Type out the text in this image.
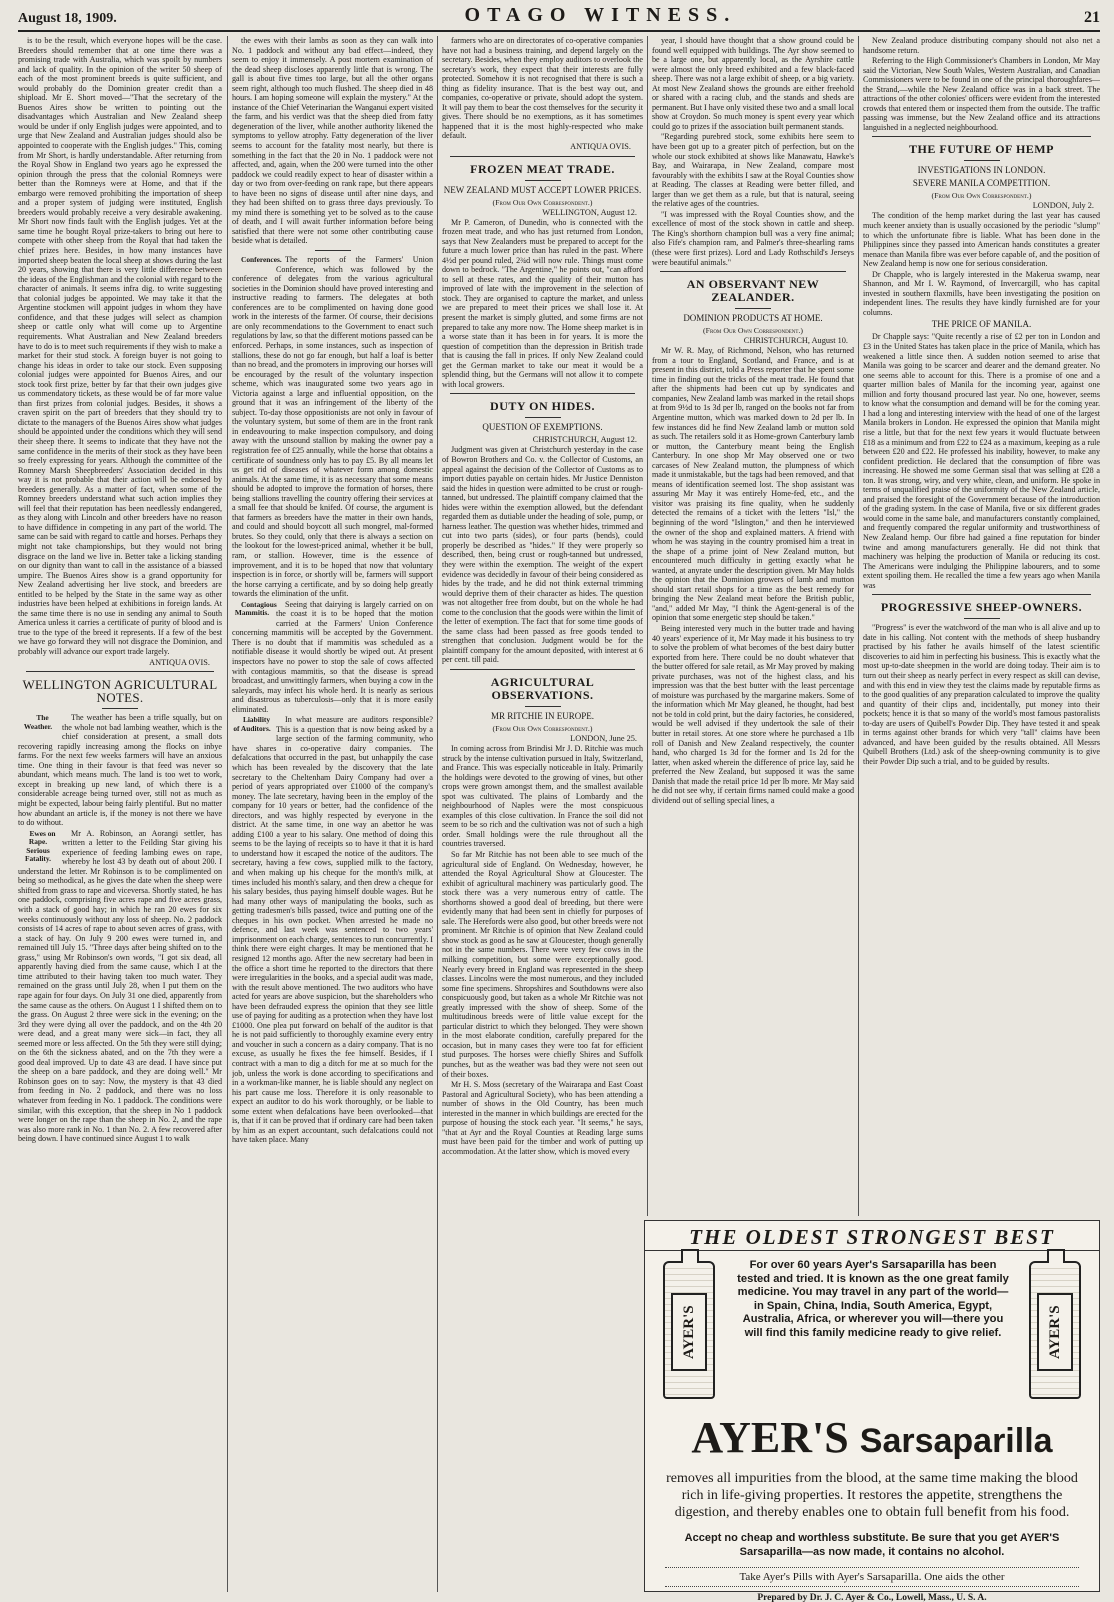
August 18, 1909.	OTAGO WITNESS.	21

is to be the result, which everyone hopes will be the case. Breeders should remember that at one time there was a promising trade with Australia, which was spoilt by numbers and lack of quality. In the opinion of the writer 50 sheep of each of the most prominent breeds is quite sufficient, and would probably do the Dominion greater credit than a shipload. Mr E. Short moved—"That the secretary of the Buenos Aires show be written to pointing out the disadvantages which Australian and New Zealand sheep would be under if only English judges were appointed, and to urge that New Zealand and Australian judges should also be appointed to cooperate with the English judges." This, coming from Mr Short, is hardly understandable. After returning from the Royal Show in England two years ago he expressed the opinion through the press that the colonial Romneys were better than the Romneys were at Home, and that if the embargo were removed prohibiting the importation of sheep and a proper system of judging were instituted, English breeders would probably receive a very desirable awakening. Mr Short now finds fault with the English judges. Yet at the same time he bought Royal prize-takers to bring out here to compete with other sheep from the Royal that had taken the chief prizes here. Besides, in how many instances have imported sheep beaten the local sheep at shows during the last 20 years, showing that there is very little difference between the ideas of the Englishman and the colonial with regard to the character of animals. It seems infra dig. to write suggesting that colonial judges be appointed. We may take it that the Argentine stockmen will appoint judges in whom they have confidence, and that these judges will select as champion sheep or cattle only what will come up to Argentine requirements. What Australian and New Zealand breeders have to do is to meet such requirements if they wish to make a market for their stud stock. A foreign buyer is not going to change his ideas in order to take our stock. Even supposing colonial judges were appointed for Buenos Aires, and our stock took first prize, better by far that their own judges give us commendatory tickets, as these would be of far more value than first prizes from colonial judges. Besides, it shows a craven spirit on the part of breeders that they should try to dictate to the managers of the Buenos Aires show what judges should be appointed under the conditions which they will send their sheep there. It seems to indicate that they have not the same confidence in the merits of their stock as they have been so freely expressing for years. Although the committee of the Romney Marsh Sheepbreeders' Association decided in this way it is not probable that their action will be endorsed by breeders generally. As a matter of fact, when some of the Romney breeders understand what such action implies they will feel that their reputation has been needlessly endangered, as they along with Lincoln and other breeders have no reason to have diffidence in competing in any part of the world. The same can be said with regard to cattle and horses. Perhaps they might not take championships, but they would not bring disgrace on the land we live in. Better take a licking standing on our dignity than want to call in the assistance of a biassed umpire. The Buenos Aires show is a grand opportunity for New Zealand advertising her live stock, and breeders are entitled to be helped by the State in the same way as other industries have been helped at exhibitions in foreign lands. At the same time there is no use in sending any animal to South America unless it carries a certificate of purity of blood and is true to the type of the breed it represents. If a few of the best we have go forward they will not disgrace the Dominion, and probably will advance our export trade largely.

ANTIQUA OVIS.
WELLINGTON AGRICULTURAL NOTES.

The Weather.
The weather has been a trifle squally, but on the whole not bad lambing weather, which is the chief consideration at present, a small dots recovering rapidly increasing among the flocks on inbye farms. For the next few weeks farmers will have an anxious time. One thing in their favour is that feed was never so abundant, which means much. The land is too wet to work, except in breaking up new land, of which there is a considerable acreage being turned over, still not as much as might be expected, labour being fairly plentiful. But no matter how abundant an article is, if the money is not there we have to do without.

Ewes on Rape. Serious Fatality.
Mr A. Robinson, an Aorangi settler, has written a letter to the Feilding Star giving his experience of feeding lambing ewes on rape, whereby he lost 43 by death out of about 200. I understand the letter. Mr Robinson is to be complimented on being so methodical, as he gives the date when the sheep were shifted from grass to rape and viceversa. Shortly stated, he has one paddock, comprising five acres rape and five acres grass, with a stack of good hay; in which he ran 20 ewes for six weeks continuously without any loss of sheep. No. 2 paddock consists of 14 acres of rape to about seven acres of grass, with a stack of hay. On July 9 200 ewes were turned in, and remained till July 15. "Three days after being shifted on to the grass," using Mr Robinson's own words, "I got six dead, all apparently having died from the same cause, which I at the time attributed to their having taken too much water. They remained on the grass until July 28, when I put them on the rape again for four days. On July 31 one died, apparently from the same cause as the others. On August 1 I shifted them on to the grass. On August 2 three were sick in the evening; on the 3rd they were dying all over the paddock, and on the 4th 20 were dead, and a great many were sick—in fact, they all seemed more or less affected. On the 5th they were still dying; on the 6th the sickness abated, and on the 7th they were a good deal improved. Up to date 43 are dead. I have since put the sheep on a bare paddock, and they are doing well." Mr Robinson goes on to say: Now, the mystery is that 43 died from feeding in No. 2 paddock, and there was no loss whatever from feeding in No. 1 paddock. The conditions were similar, with this exception, that the sheep in No 1 paddock were longer on the rape than the sheep in No. 2, and the rape was also more rank in No. 1 than No. 2. A few recovered after being down. I have continued since August 1 to walk

the ewes with their lambs as soon as they can walk into No. 1 paddock and without any bad effect—indeed, they seem to enjoy it immensely. A post mortem examination of the dead sheep discloses apparently little that is wrong. The gall is about five times too large, but all the other organs seem right, although too much flushed. The sheep died in 48 hours. I am hoping someone will explain the mystery." At the instance of the Chief Veterinarian the Wanganui expert visited the farm, and his verdict was that the sheep died from fatty degeneration of the liver, while another authority likened the symptoms to yellow atrophy. Fatty degeneration of the liver seems to account for the fatality most nearly, but there is something in the fact that the 20 in No. 1 paddock were not affected, and, again, when the 200 were turned into the other paddock we could readily expect to hear of disaster within a day or two from over-feeding on rank rape, but there appears to have been no signs of disease until after nine days, and they had been shifted on to grass three days previously. To my mind there is something yet to be solved as to the cause of death, and I will await further information before being satisfied that there were not some other contributing cause beside what is detailed.

Conferences. The reports of the Farmers' Union Conference, which was followed by the conference of delegates from the various agricultural societies in the Dominion should have proved interesting and instructive reading to farmers. The delegates at both conferences are to be complimented on having done good work in the interests of the farmer. Of course, their decisions are only recommendations to the Government to enact such regulations by law, so that the different motions passed can be enforced. Perhaps, in some instances, such as inspection of stallions, these do not go far enough, but half a loaf is better than no bread, and the promoters in improving our horses will be encouraged by the result of the voluntary inspection scheme, which was inaugurated some two years ago in Victoria against a large and influential opposition, on the ground that it was an infringement of the liberty of the subject. To-day those oppositionists are not only in favour of the voluntary system, but some of them are in the front rank in endeavouring to make inspection compulsory, and doing away with the unsound stallion by making the owner pay a registration fee of £25 annually, while the horse that obtains a certificate of soundness only has to pay £5. By all means let us get rid of diseases of whatever form among domestic animals. At the same time, it is as necessary that some means should be adopted to improve the formation of horses, there being stallions travelling the country offering their services at a small fee that should be knifed. Of course, the argument is that farmers as breeders have the matter in their own hands, and could and should boycott all such mongrel, mal-formed brutes. So they could, only that there is always a section on the lookout for the lowest-priced animal, whether it be bull, ram, or stallion. However, time is the essence of improvement, and it is to be hoped that now that voluntary inspection is in force, or shortly will be, farmers will support the horse carrying a certificate, and by so doing help greatly towards the elimination of the unfit.

Contagious Mammitis.
Seeing that dairying is largely carried on on the coast it is to be hoped that the motion carried at the Farmers' Union Conference concerning mammitis will be accepted by the Government. There is no doubt that if mammitis was scheduled as a notifiable disease it would shortly be wiped out. At present inspectors have no power to stop the sale of cows affected with contagious mammitis, so that the disease is spread broadcast, and unwittingly farmers, when buying a cow in the saleyards, may infect his whole herd. It is nearly as serious and disastrous as tuberculosis—only that it is more easily eliminated.

Liability of Auditors.
In what measure are auditors responsible? This is a question that is now being asked by a large section of the farming community, who have shares in co-operative dairy companies. The defalcations that occurred in the past, but unhappily the case which has been revealed by the discovery that the late secretary to the Cheltenham Dairy Company had over a period of years appropriated over £1000 of the company's money. The late secretary, having been in the employ of the company for 10 years or better, had the confidence of the directors, and was highly respected by everyone in the district. At the same time, in one way an abettor he was adding £100 a year to his salary. One method of doing this seems to be the laying of receipts so to have it that it is hard to understand how it escaped the notice of the auditors. The secretary, having a few cows, supplied milk to the factory, and when making up his cheque for the month's milk, at times included his month's salary, and then drew a cheque for his salary besides, thus paying himself double wages. But he had many other ways of manipulating the books, such as getting tradesmen's bills passed, twice and putting one of the cheques in his own pocket. When arrested he made no defence, and last week was sentenced to two years' imprisonment on each charge, sentences to run concurrently. I think there were eight charges. It may be mentioned that he resigned 12 months ago. After the new secretary had been in the office a short time he reported to the directors that there were irregularities in the books, and a special audit was made, with the result above mentioned. The two auditors who have acted for years are above suspicion, but the shareholders who have been defrauded express the opinion that they see little use of paying for auditing as a protection when they have lost £1000. One plea put forward on behalf of the auditor is that he is not paid sufficiently to thoroughly examine every entry and voucher in such a concern as a dairy company. That is no excuse, as usually he fixes the fee himself. Besides, if I contract with a man to dig a ditch for me at so much for the job, unless the work is done according to specifications and in a workman-like manner, he is liable should any neglect on his part cause me loss. Therefore it is only reasonable to expect an auditor to do his work thoroughly, or be liable to some extent when defalcations have been overlooked—that is, that if it can be proved that if ordinary care had been taken by him as an expert accountant, such defalcations could not have taken place. Many

farmers who are on directorates of co-operative companies have not had a business training, and depend largely on the secretary. Besides, when they employ auditors to overlook the secretary's work, they expect that their interests are fully protected. Somehow it is not recognised that there is such a thing as fidelity insurance. That is the best way out, and companies, co-operative or private, should adopt the system. It will pay them to bear the cost themselves for the security it gives. There should be no exemptions, as it has sometimes happened that it is the most highly-respected who make default.

ANTIQUA OVIS.
FROZEN MEAT TRADE.
NEW ZEALAND MUST ACCEPT LOWER PRICES.
(From Our Own Correspondent.)
WELLINGTON, August 12.

Mr P. Cameron, of Dunedin, who is connected with the frozen meat trade, and who has just returned from London, says that New Zealanders must be prepared to accept for the future a much lower price than has ruled in the past. Where 4½d per pound ruled, 2¾d will now rule. Things must come down to bedrock. "The Argentine," he points out, "can afford to sell at these rates, and the quality of their mutton has improved of late with the improvement in the selection of stock. They are organised to capture the market, and unless we are prepared to meet their prices we shall lose it. At present the market is simply glutted, and some firms are not prepared to take any more now. The Home sheep market is in a worse state than it has been in for years. It is more the question of competition than the depression in British trade that is causing the fall in prices. If only New Zealand could get the German market to take our meat it would be a splendid thing, but the Germans will not allow it to compete with local growers.

DUTY ON HIDES.
QUESTION OF EXEMPTIONS.
CHRISTCHURCH, August 12.

Judgment was given at Christchurch yesterday in the case of Bowron Brothers and Co. v. the Collector of Customs, an appeal against the decision of the Collector of Customs as to import duties payable on certain hides. Mr Justice Denniston said the hides in question were admitted to be crust or rough-tanned, but undressed. The plaintiff company claimed that the hides were within the exemption allowed, but the defendant regarded them as dutiable under the heading of sole, pump, or harness leather. The question was whether hides, trimmed and cut into two parts (sides), or four parts (bends), could properly be described as "hides." If they were properly so described, then, being crust or rough-tanned but undressed, they were within the exemption. The weight of the expert evidence was decidedly in favour of their being considered as hides by the trade, and he did not think external trimming would deprive them of their character as hides. The question was not altogether free from doubt, but on the whole he had come to the conclusion that the goods were within the limit of the letter of exemption. The fact that for some time goods of the same class had been passed as free goods tended to strengthen that conclusion. Judgment would be for the plaintiff company for the amount deposited, with interest at 6 per cent. till paid.

AGRICULTURAL OBSERVATIONS.
MR RITCHIE IN EUROPE.
(From Our Own Correspondent.)
LONDON, June 25.

In coming across from Brindisi Mr J. D. Ritchie was much struck by the intense cultivation pursued in Italy, Switzerland, and France. This was especially noticeable in Italy. Primarily the holdings were devoted to the growing of vines, but other crops were grown amongst them, and the smallest available spot was cultivated. The plains of Lombardy and the neighbourhood of Naples were the most conspicuous examples of this close cultivation. In France the soil did not seem to be so rich and the cultivation was not of such a high order. Small holdings were the rule throughout all the countries traversed.

So far Mr Ritchie has not been able to see much of the agricultural side of England. On Wednesday, however, he attended the Royal Agricultural Show at Gloucester. The exhibit of agricultural machinery was particularly good. The stock there was a very numerous entry of cattle. The shorthorns showed a good deal of breeding, but there were evidently many that had been sent in chiefly for purposes of sale. The Herefords were also good, but other breeds were not prominent. Mr Ritchie is of opinion that New Zealand could show stock as good as he saw at Gloucester, though generally not in the same numbers. There were very few cows in the milking competition, but some were exceptionally good. Nearly every breed in England was represented in the sheep classes. Lincolns were the most numerous, and they included some fine specimens. Shropshires and Southdowns were also conspicuously good, but taken as a whole Mr Ritchie was not greatly impressed with the show of sheep. Some of the multitudinous breeds were of little value except for the particular district to which they belonged. They were shown in the most elaborate condition, carefully prepared for the occasion, but in many cases they were too fat for efficient stud purposes. The horses were chiefly Shires and Suffolk punches, but as the weather was bad they were not seen out of their boxes.

Mr H. S. Moss (secretary of the Wairarapa and East Coast Pastoral and Agricultural Society), who has been attending a number of shows in the Old Country, has been much interested in the manner in which buildings are erected for the purpose of housing the stock each year. "It seems," he says, "that at Ayr and the Royal Counties at Reading large sums must have been paid for the timber and work of putting up accommodation. At the latter show, which is moved every

year, I should have thought that a show ground could be found well equipped with buildings. The Ayr show seemed to be a large one, but apparently local, as the Ayrshire cattle were almost the only breed exhibited and a few black-faced sheep. There was not a large exhibit of sheep, or a big variety. At most New Zealand shows the grounds are either freehold or shared with a racing club, and the stands and sheds are permanent. But I have only visited these two and a small local show at Croydon. So much money is spent every year which could go to prizes if the association built permanent stands.

"Regarding purebred stock, some exhibits here seem to have been got up to a greater pitch of perfection, but on the whole our stock exhibited at shows like Manawatu, Hawke's Bay, and Wairarapa, in New Zealand, compare most favourably with the exhibits I saw at the Royal Counties show at Reading. The classes at Reading were better filled, and larger than we get them as a rule, but that is natural, seeing the relative ages of the countries.

"I was impressed with the Royal Counties show, and the excellence of most of the stock shown in cattle and sheep. The King's shorthorn champion bull was a very fine animal; also Fife's champion ram, and Palmer's three-shearling rams (these were first prizes). Lord and Lady Rothschild's Jerseys were beautiful animals."

AN OBSERVANT NEW ZEALANDER.
DOMINION PRODUCTS AT HOME.
(From Our Own Correspondent.)
CHRISTCHURCH, August 10.

Mr W. R. May, of Richmond, Nelson, who has returned from a tour to England, Scotland, and France, and is at present in this district, told a Press reporter that he spent some time in finding out the tricks of the meat trade. He found that after the shipments had been cut up by syndicates and companies, New Zealand lamb was marked in the retail shops at from 9½d to 1s 3d per lb, ranged on the books not far from Argentine mutton, which was marked down to 2d per lb. In few instances did he find New Zealand lamb or mutton sold as such. The retailers sold it as Home-grown Canterbury lamb or mutton, the Canterbury meant being the English Canterbury. In one shop Mr May observed one or two carcases of New Zealand mutton, the plumpness of which made it unmistakable, but the tags had been removed, and that means of identification seemed lost. The shop assistant was assuring Mr May it was entirely Home-fed, etc., and the visitor was praising its fine quality, when he suddenly detected the remains of a ticket with the letters "Isl," the beginning of the word "Islington," and then he interviewed the owner of the shop and explained matters. A friend with whom he was staying in the country promised him a treat in the shape of a prime joint of New Zealand mutton, but encountered much difficulty in getting exactly what he wanted, at anyrate under the description given. Mr May holds the opinion that the Dominion growers of lamb and mutton should start retail shops for a time as the best remedy for bringing the New Zealand meat before the British public, "and," added Mr May, "I think the Agent-general is of the opinion that some energetic step should be taken."

Being interested very much in the butter trade and having 40 years' experience of it, Mr May made it his business to try to solve the problem of what becomes of the best dairy butter exported from here. There could be no doubt whatever that the butter offered for sale retail, as Mr May proved by making private purchases, was not of the highest class, and his impression was that the best butter with the least percentage of moisture was purchased by the margarine makers. Some of the information which Mr May gleaned, he thought, had best not be told in cold print, but the dairy factories, he considered, would be well advised if they undertook the sale of their butter in retail stores. At one store where he purchased a 1lb roll of Danish and New Zealand respectively, the counter hand, who charged 1s 3d for the former and 1s 2d for the latter, when asked wherein the difference of price lay, said he preferred the New Zealand, but supposed it was the same Danish that made the retail price 1d per lb more. Mr May said he did not see why, if certain firms named could make a good dividend out of selling special lines, a

New Zealand produce distributing company should not also net a handsome return.

Referring to the High Commissioner's Chambers in London, Mr May said the Victorian, New South Wales, Western Australian, and Canadian Commissioners were to be found in one of the principal thoroughfares—the Strand,—while the New Zealand office was in a back street. The attractions of the other colonies' officers were evident from the interested crowds that entered them or inspected them from the outside. The traffic passing was immense, but the New Zealand office and its attractions languished in a neglected neighbourhood.

THE FUTURE OF HEMP
INVESTIGATIONS IN LONDON.
SEVERE MANILA COMPETITION.
(From Our Own Correspondent.)
LONDON, July 2.

The condition of the hemp market during the last year has caused much keener anxiety than is usually occasioned by the periodic "slump" to which the unfortunate fibre is liable. What has been done in the Philippines since they passed into American hands constitutes a greater menace than Manila fibre was ever before capable of, and the position of New Zealand hemp is now one for serious consideration.

Dr Chapple, who is largely interested in the Makerua swamp, near Shannon, and Mr I. W. Raymond, of Invercargill, who has capital invested in southern flaxmills, have been investigating the position on independent lines. The results they have kindly furnished are for your columns.

THE PRICE OF MANILA.

Dr Chapple says: "Quite recently a rise of £2 per ton in London and £3 in the United States has taken place in the price of Manila, which has weakened a little since then. A sudden notion seemed to arise that Manila was going to be scarcer and dearer and the demand greater. No one seems able to account for this. There is a promise of one and a quarter million bales of Manila for the incoming year, against one million and forty thousand procured last year. No one, however, seems to know what the consumption and demand will be for the coming year. I had a long and interesting interview with the head of one of the largest Manila brokers in London. He expressed the opinion that Manila might rise a little, but that for the next few years it would fluctuate between £18 as a minimum and from £22 to £24 as a maximum, keeping as a rule between £20 and £22. He professed his inability, however, to make any confident prediction. He declared that the consumption of fibre was increasing. He showed me some German sisal that was selling at £28 a ton. It was strong, wiry, and very white, clean, and uniform. He spoke in terms of unqualified praise of the uniformity of the New Zealand article, and praised the foresight of the Government because of the introduction of the grading system. In the case of Manila, five or six different grades would come in the same bale, and manufacturers constantly complained, and frequently compared the regular uniformity and trustworthiness of New Zealand hemp. Our fibre had gained a fine reputation for binder twine and among manufacturers generally. He did not think that machinery was helping the production of Manila or reducing its cost. The Americans were indulging the Philippine labourers, and to some extent spoiling them. He recalled the time a few years ago when Manila was

PROGRESSIVE SHEEP-OWNERS.

"Progress" is ever the watchword of the man who is all alive and up to date in his calling. Not content with the methods of sheep husbandry practised by his father he avails himself of the latest scientific discoveries to aid him in perfecting his business. This is exactly what the most up-to-date sheepmen in the world are doing today. Their aim is to turn out their sheep as nearly perfect in every respect as skill can devise, and with this end in view they test the claims made by reputable firms as to the good qualities of any preparation calculated to improve the quality and quantity of their clips and, incidentally, put money into their pockets; hence it is that so many of the world's most famous pastoralists to-day are users of Quibell's Powder Dip. They have tested it and speak in terms against other brands for which very "tall" claims have been advanced, and have been guided by the results obtained. All Messrs Quibell Brothers (Ltd.) ask of the sheep-owning community is to give their Powder Dip such a trial, and to be guided by results.

THE OLDEST STRONGEST BEST
AYER'S
For over 60 years Ayer's Sarsaparilla has been tested and tried. It is known as the one great family medicine. You may travel in any part of the world—in Spain, China, India, South America, Egypt, Australia, Africa, or wherever you will—there you will find this family medicine ready to give relief.	AYER'S
AYER'S Sarsaparilla
removes all impurities from the blood, at the same time making the blood rich in life-giving properties. It restores the appetite, strengthens the digestion, and thereby enables one to obtain full benefit from his food.
Accept no cheap and worthless substitute. Be sure that you get AYER'S Sarsaparilla—as now made, it contains no alcohol.
Take Ayer's Pills with Ayer's Sarsaparilla. One aids the other
Prepared by Dr. J. C. Ayer & Co., Lowell, Mass., U. S. A.
